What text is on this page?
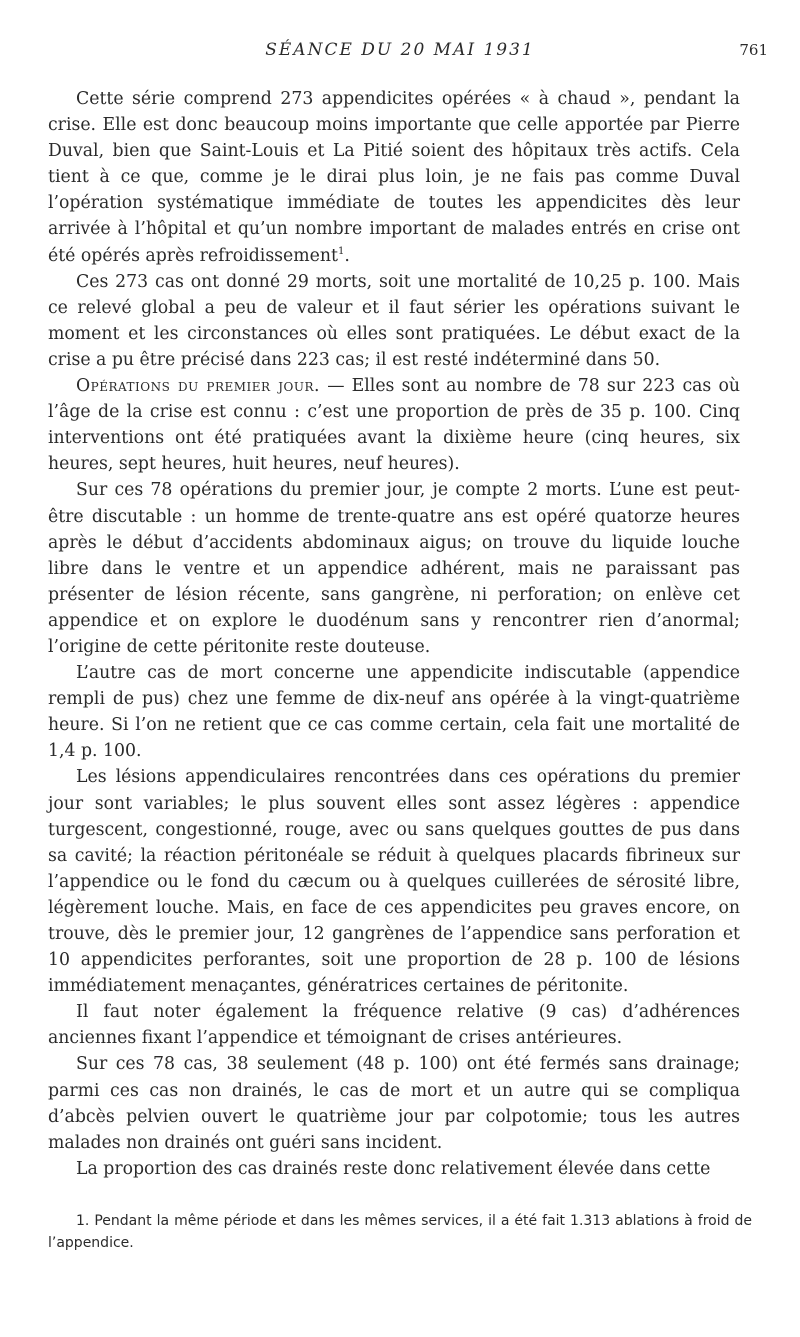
SÉANCE DU 20 MAI 1931	761

Cette série comprend 273 appendicites opérées « à chaud », pendant la crise. Elle est donc beaucoup moins importante que celle apportée par Pierre Duval, bien que Saint-Louis et La Pitié soient des hôpitaux très actifs. Cela tient à ce que, comme je le dirai plus loin, je ne fais pas comme Duval l’opération systématique immédiate de toutes les appendicites dès leur arrivée à l’hôpital et qu’un nombre important de malades entrés en crise ont été opérés après refroidissement$^1$.

Ces 273 cas ont donné 29 morts, soit une mortalité de 10,25 p. 100. Mais ce relevé global a peu de valeur et il faut sérier les opérations suivant le moment et les circonstances où elles sont pratiquées. Le début exact de la crise a pu être précisé dans 223 cas; il est resté indéterminé dans 50.

Opérations du premier jour. — Elles sont au nombre de 78 sur 223 cas où l’âge de la crise est connu : c’est une proportion de près de 35 p. 100. Cinq interventions ont été pratiquées avant la dixième heure (cinq heures, six heures, sept heures, huit heures, neuf heures).

Sur ces 78 opérations du premier jour, je compte 2 morts. L’une est peut-être discutable : un homme de trente-quatre ans est opéré quatorze heures après le début d’accidents abdominaux aigus; on trouve du liquide louche libre dans le ventre et un appendice adhérent, mais ne paraissant pas présenter de lésion récente, sans gangrène, ni perforation; on enlève cet appendice et on explore le duodénum sans y rencontrer rien d’anormal; l’origine de cette péritonite reste douteuse.

L’autre cas de mort concerne une appendicite indiscutable (appendice rempli de pus) chez une femme de dix-neuf ans opérée à la vingt-quatrième heure. Si l’on ne retient que ce cas comme certain, cela fait une mortalité de 1,4 p. 100.

Les lésions appendiculaires rencontrées dans ces opérations du premier jour sont variables; le plus souvent elles sont assez légères : appendice turgescent, congestionné, rouge, avec ou sans quelques gouttes de pus dans sa cavité; la réaction péritonéale se réduit à quelques placards fibrineux sur l’appendice ou le fond du cæcum ou à quelques cuillerées de sérosité libre, légèrement louche. Mais, en face de ces appendicites peu graves encore, on trouve, dès le premier jour, 12 gangrènes de l’appendice sans perforation et 10 appendicites perforantes, soit une proportion de 28 p. 100 de lésions immédiatement menaçantes, génératrices certaines de péritonite.

Il faut noter également la fréquence relative (9 cas) d’adhérences anciennes fixant l’appendice et témoignant de crises antérieures.

Sur ces 78 cas, 38 seulement (48 p. 100) ont été fermés sans drainage; parmi ces cas non drainés, le cas de mort et un autre qui se compliqua d’abcès pelvien ouvert le quatrième jour par colpotomie; tous les autres malades non drainés ont guéri sans incident.

La proportion des cas drainés reste donc relativement élevée dans cette

1. Pendant la même période et dans les mêmes services, il a été fait 1.313 ablations à froid de l’appendice.
